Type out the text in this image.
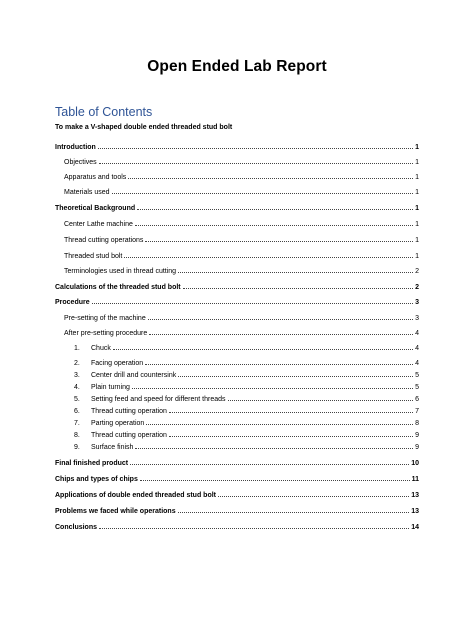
Open Ended Lab Report
Table of Contents
To make a V-shaped double ended threaded stud bolt
Introduction	1
Objectives	1
Apparatus and tools	1
Materials used	1
Theoretical Background	1
Center Lathe machine	1
Thread cutting operations	1
Threaded stud bolt	1
Terminologies used in thread cutting	2
Calculations of the threaded stud bolt	2
Procedure	3
Pre-setting of the machine	3
After pre-setting procedure	4
1.	Chuck	4
2.	Facing operation	4
3.	Center drill and countersink	5
4.	Plain turning	5
5.	Setting feed and speed for different threads	6
6.	Thread cutting operation	7
7.	Parting operation	8
8.	Thread cutting operation	9
9.	Surface finish	9
Final finished product	10
Chips and types of chips	11
Applications of double ended threaded stud bolt	13
Problems we faced while operations	13
Conclusions	14
